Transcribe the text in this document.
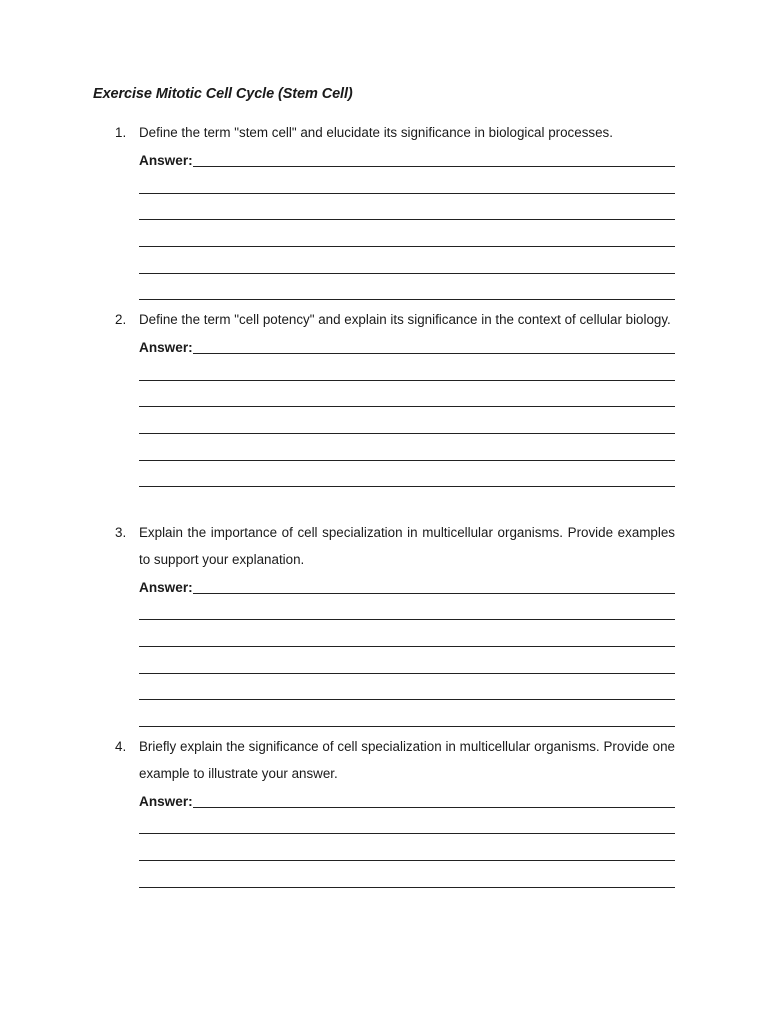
Exercise Mitotic Cell Cycle (Stem Cell)
1. Define the term "stem cell" and elucidate its significance in biological processes.
Answer:
2. Define the term "cell potency" and explain its significance in the context of cellular biology.
Answer:
3. Explain the importance of cell specialization in multicellular organisms. Provide examples to support your explanation.
Answer:
4. Briefly explain the significance of cell specialization in multicellular organisms. Provide one example to illustrate your answer.
Answer:
